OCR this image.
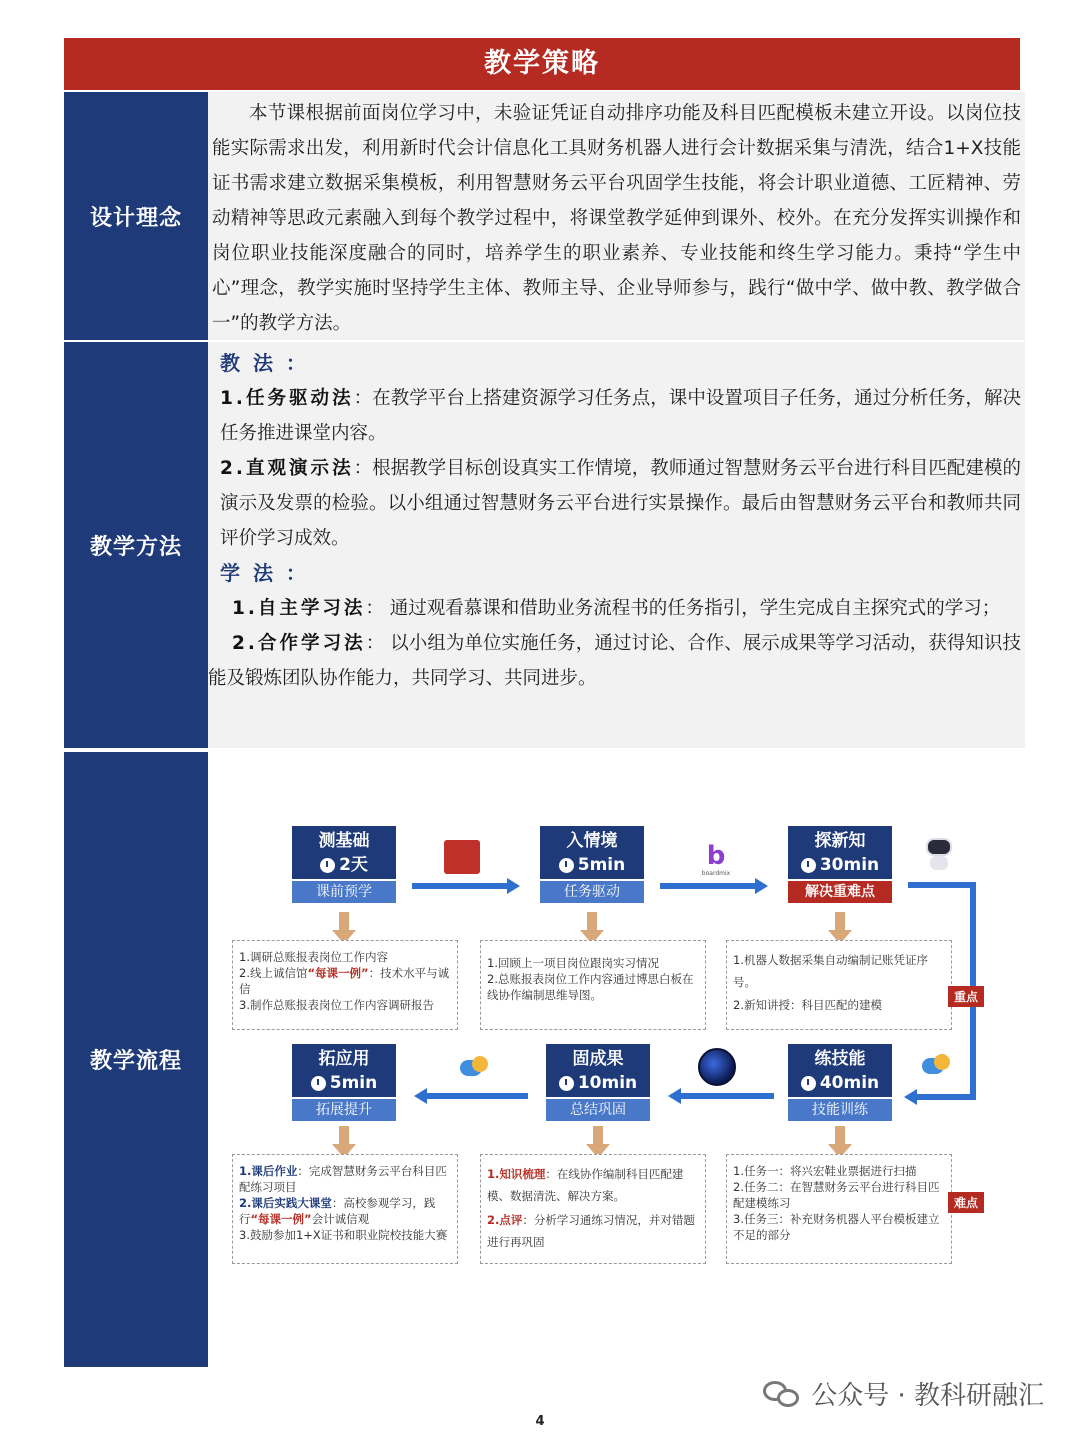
教学策略
设计理念

本节课根据前面岗位学习中，未验证凭证自动排序功能及科目匹配模板未建立开设。以岗位技能实际需求出发，利用新时代会计信息化工具财务机器人进行会计数据采集与清洗，结合1+X技能证书需求建立数据采集模板，利用智慧财务云平台巩固学生技能，将会计职业道德、工匠精神、劳动精神等思政元素融入到每个教学过程中，将课堂教学延伸到课外、校外。在充分发挥实训操作和岗位职业技能深度融合的同时，培养学生的职业素养、专业技能和终生学习能力。秉持“学生中心”理念，教学实施时坚持学生主体、教师主导、企业导师参与，践行“做中学、做中教、教学做合一”的教学方法。

教学方法
教 法 ：

1.任务驱动法：在教学平台上搭建资源学习任务点，课中设置项目子任务，通过分析任务，解决任务推进课堂内容。

2.直观演示法：根据教学目标创设真实工作情境，教师通过智慧财务云平台进行科目匹配建模的演示及发票的检验。以小组通过智慧财务云平台进行实景操作。最后由智慧财务云平台和教师共同评价学习成效。

学 法 ：

1.自主学习法： 通过观看慕课和借助业务流程书的任务指引，学生完成自主探究式的学习；

2.合作学习法： 以小组为单位实施任务，通过讨论、合作、展示成果等学习活动，获得知识技能及锻炼团队协作能力，共同学习、共同进步。

教学流程
测基础
2天
课前预学
入情境
5min
任务驱动
探新知
30min
解决重难点
b
boardmix
1.调研总账报表岗位工作内容
2.线上诚信馆“每课一例”：技术水平与诚信
3.制作总账报表岗位工作内容调研报告
1.回顾上一项目岗位跟岗实习情况
2.总账报表岗位工作内容通过博思白板在线协作编制思维导图。
1.机器人数据采集自动编制记账凭证序号。
2.新知讲授：科目匹配的建模
重点
拓应用
5min
拓展提升
固成果
10min
总结巩固
练技能
40min
技能训练
1.课后作业：完成智慧财务云平台科目匹配练习项目
2.课后实践大课堂：高校参观学习，践行“每课一例”会计诚信观
3.鼓励参加1+X证书和职业院校技能大赛
1.知识梳理：在线协作编制科目匹配建模、数据清洗、解决方案。
2.点评：分析学习通练习情况，并对错题进行再巩固
1.任务一：将兴宏鞋业票据进行扫描
2.任务二：在智慧财务云平台进行科目匹配建模练习
3.任务三：补充财务机器人平台模板建立不足的部分
难点
公众号 · 教科研融汇
4
